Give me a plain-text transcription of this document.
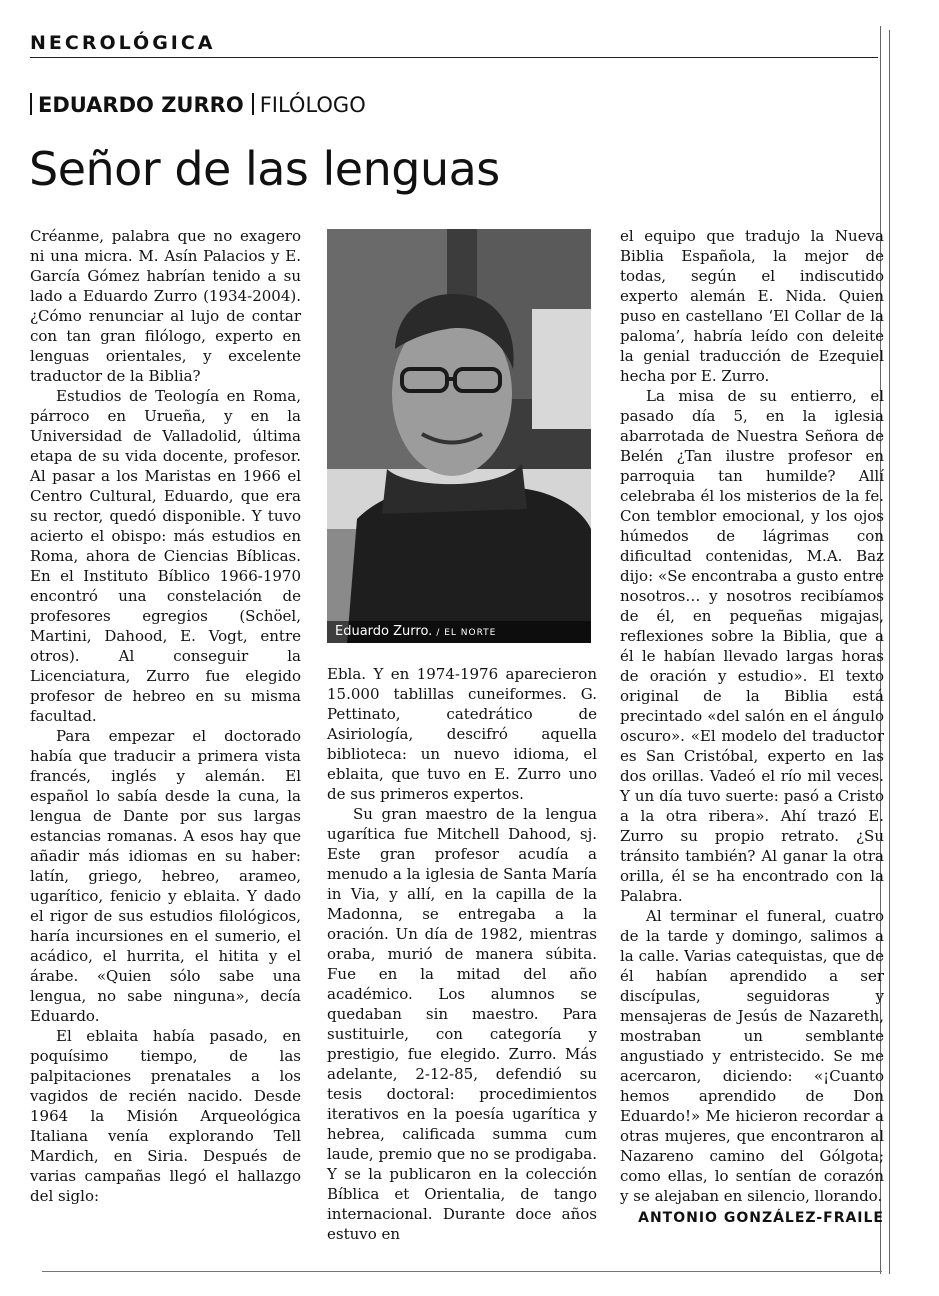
NECROLÓGICA
EDUARDO ZURRO FILÓLOGO
Señor de las lenguas

Créanme, palabra que no exagero ni una micra. M. Asín Palacios y E. García Gómez habrían tenido a su lado a Eduardo Zurro (1934-2004). ¿Cómo renunciar al lujo de contar con tan gran filólogo, experto en lenguas orientales, y excelente traductor de la Biblia?

Estudios de Teología en Roma, párroco en Urueña, y en la Universidad de Valladolid, última etapa de su vida docente, profesor. Al pasar a los Maristas en 1966 el Centro Cultural, Eduardo, que era su rector, quedó disponible. Y tuvo acierto el obispo: más estudios en Roma, ahora de Ciencias Bíblicas. En el Instituto Bíblico 1966-1970 encontró una constelación de profesores egregios (Schöel, Martini, Dahood, E. Vogt, entre otros). Al conseguir la Licenciatura, Zurro fue elegido profesor de hebreo en su misma facultad.

Para empezar el doctorado había que traducir a primera vista francés, inglés y alemán. El español lo sabía desde la cuna, la lengua de Dante por sus largas estancias romanas. A esos hay que añadir más idiomas en su haber: latín, griego, hebreo, arameo, ugarítico, fenicio y eblaita. Y dado el rigor de sus estudios filológicos, haría incursiones en el sumerio, el acádico, el hurrita, el hitita y el árabe. «Quien sólo sabe una lengua, no sabe ninguna», decía Eduardo.

El eblaita había pasado, en poquísimo tiempo, de las palpitaciones prenatales a los vagidos de recién nacido. Desde 1964 la Misión Arqueológica Italiana venía explorando Tell Mardich, en Siria. Después de varias campañas llegó el hallazgo del siglo:

Eduardo Zurro. / EL NORTE

Ebla. Y en 1974-1976 aparecieron 15.000 tablillas cuneiformes. G. Pettinato, catedrático de Asiriología, descifró aquella biblioteca: un nuevo idioma, el eblaita, que tuvo en E. Zurro uno de sus primeros expertos.

Su gran maestro de la lengua ugarítica fue Mitchell Dahood, sj. Este gran profesor acudía a menudo a la iglesia de Santa María in Via, y allí, en la capilla de la Madonna, se entregaba a la oración. Un día de 1982, mientras oraba, murió de manera súbita. Fue en la mitad del año académico. Los alumnos se quedaban sin maestro. Para sustituirle, con categoría y prestigio, fue elegido. Zurro. Más adelante, 2-12-85, defendió su tesis doctoral: procedimientos iterativos en la poesía ugarítica y hebrea, calificada summa cum laude, premio que no se prodigaba. Y se la publicaron en la colección Bíblica et Orientalia, de tango internacional. Durante doce años estuvo en

el equipo que tradujo la Nueva Biblia Española, la mejor de todas, según el indiscutido experto alemán E. Nida. Quien puso en castellano ‘El Collar de la paloma’, habría leído con deleite la genial traducción de Ezequiel hecha por E. Zurro.

La misa de su entierro, el pasado día 5, en la iglesia abarrotada de Nuestra Señora de Belén ¿Tan ilustre profesor en parroquia tan humilde? Allí celebraba él los misterios de la fe. Con temblor emocional, y los ojos húmedos de lágrimas con dificultad contenidas, M.A. Baz dijo: «Se encontraba a gusto entre nosotros… y nosotros recibíamos de él, en pequeñas migajas, reflexiones sobre la Biblia, que a él le habían llevado largas horas de oración y estudio». El texto original de la Biblia está precintado «del salón en el ángulo oscuro». «El modelo del traductor es San Cristóbal, experto en las dos orillas. Vadeó el río mil veces. Y un día tuvo suerte: pasó a Cristo a la otra ribera». Ahí trazó E. Zurro su propio retrato. ¿Su tránsito también? Al ganar la otra orilla, él se ha encontrado con la Palabra.

Al terminar el funeral, cuatro de la tarde y domingo, salimos a la calle. Varias catequistas, que de él habían aprendido a ser discípulas, seguidoras y mensajeras de Jesús de Nazareth, mostraban un semblante angustiado y entristecido. Se me acercaron, diciendo: «¡Cuanto hemos aprendido de Don Eduardo!» Me hicieron recordar a otras mujeres, que encontraron al Nazareno camino del Gólgota; como ellas, lo sentían de corazón y se alejaban en silencio, llorando.

ANTONIO GONZÁLEZ-FRAILE
